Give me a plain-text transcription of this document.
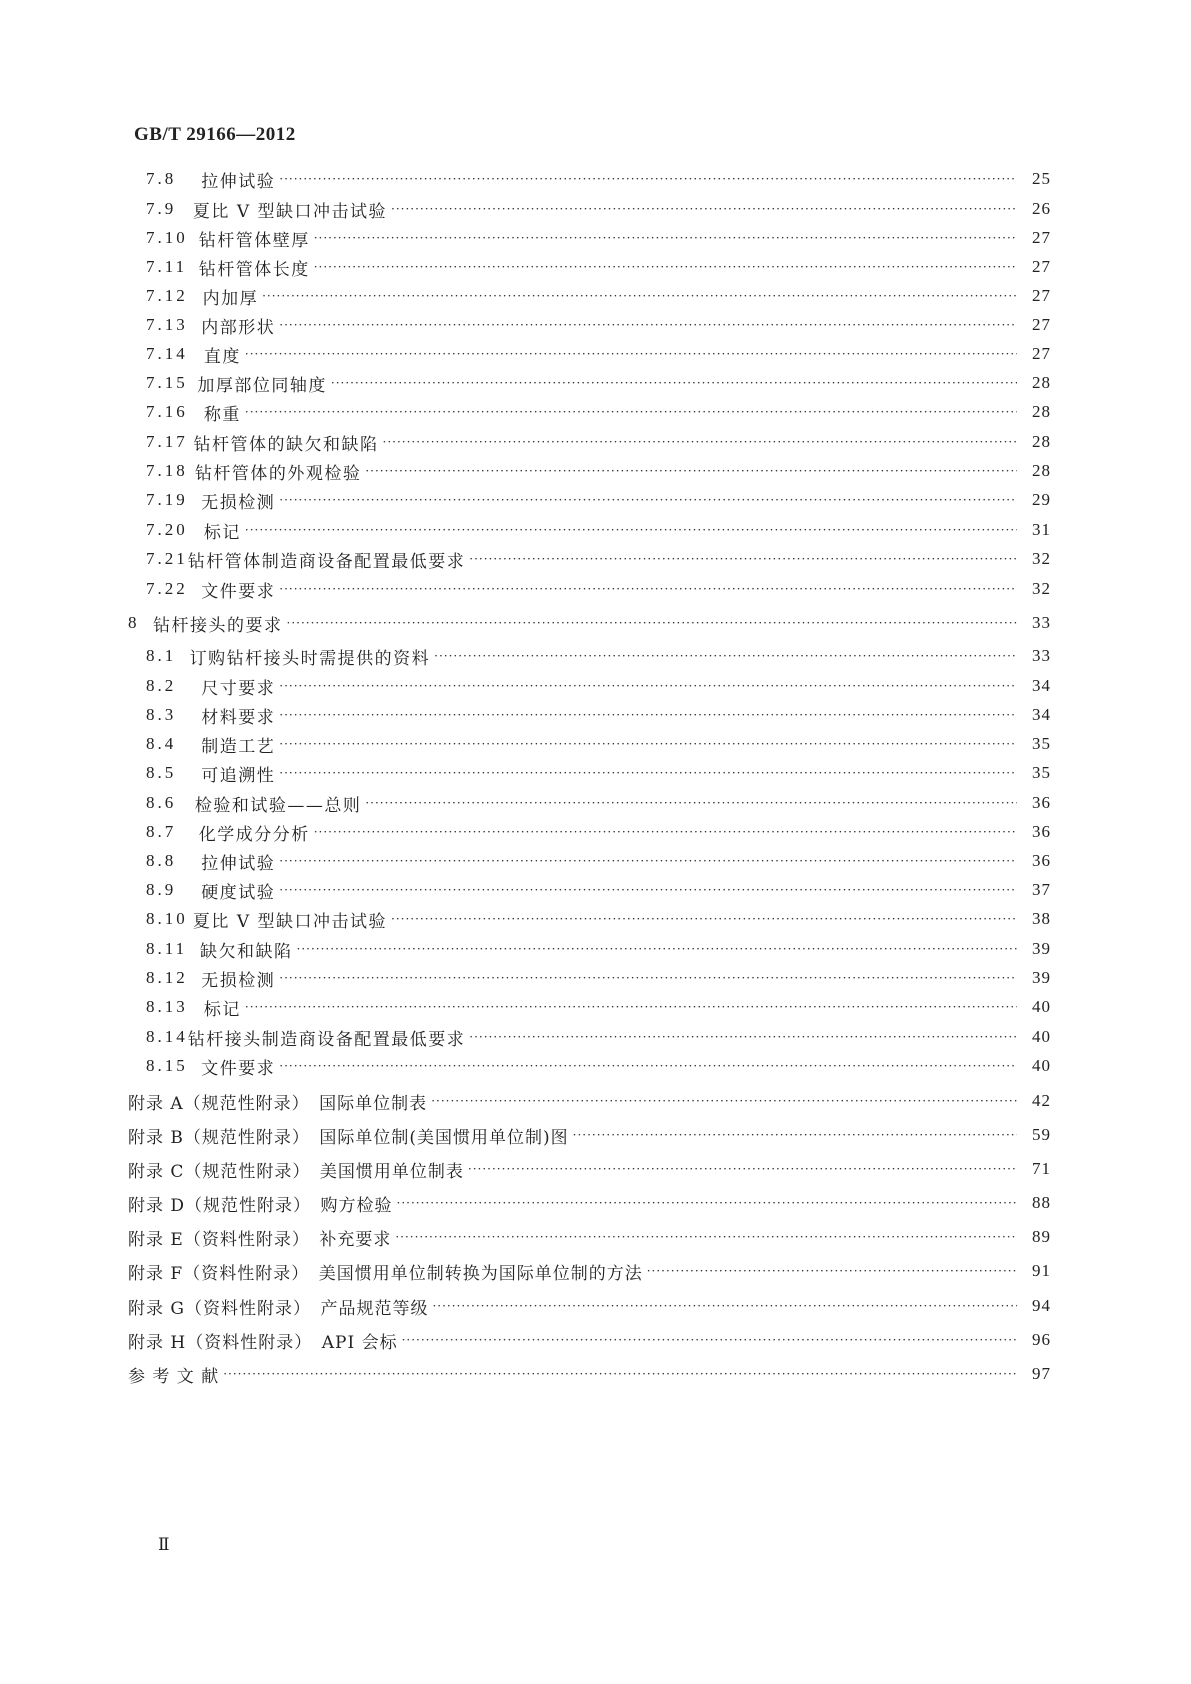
GB/T 29166—2012
7.8	拉伸试验 ·····	25
7.9 夏比 V 型缺口冲击试验 ·····	26
7.10 钻杆管体壁厚 ·····	27
7.11 钻杆管体长度 ·····	27
7.12 内加厚 ·····	27
7.13 内部形状 ·····	27
7.14 直度 ·····	27
7.15 加厚部位同轴度 ·····	28
7.16 称重 ·····	28
7.17 钻杆管体的缺欠和缺陷 ·····	28
7.18 钻杆管体的外观检验 ·····	28
7.19 无损检测 ·····	29
7.20 标记 ·····	31
7.21 钻杆管体制造商设备配置最低要求 ·····	32
7.22 文件要求 ·····	32
8 钻杆接头的要求 ·····	33
8.1 订购钻杆接头时需提供的资料 ·····	33
8.2	尺寸要求 ·····	34
8.3	材料要求 ·····	34
8.4	制造工艺 ·····	35
8.5	可追溯性 ·····	35
8.6	检验和试验——总则 ·····	36
8.7	化学成分分析 ·····	36
8.8	拉伸试验 ·····	36
8.9	硬度试验 ·····	37
8.10 夏比 V 型缺口冲击试验 ·····	38
8.11 缺欠和缺陷 ·····	39
8.12 无损检测 ·····	39
8.13 标记 ·····	40
8.14 钻杆接头制造商设备配置最低要求 ·····	40
8.15 文件要求 ·····	40
附录 A（规范性附录）　国际单位制表 ·····	42
附录 B（规范性附录）　国际单位制(美国惯用单位制)图 ·····	59
附录 C（规范性附录）　美国惯用单位制表 ·····	71
附录 D（规范性附录）　购方检验 ·····	88
附录 E（资料性附录）　补充要求 ·····	89
附录 F（资料性附录）　美国惯用单位制转换为国际单位制的方法 ·····	91
附录 G（资料性附录）　产品规范等级 ·····	94
附录 H（资料性附录）　API 会标 ·····	96
参 考 文 献 ·····	97
Ⅱ
